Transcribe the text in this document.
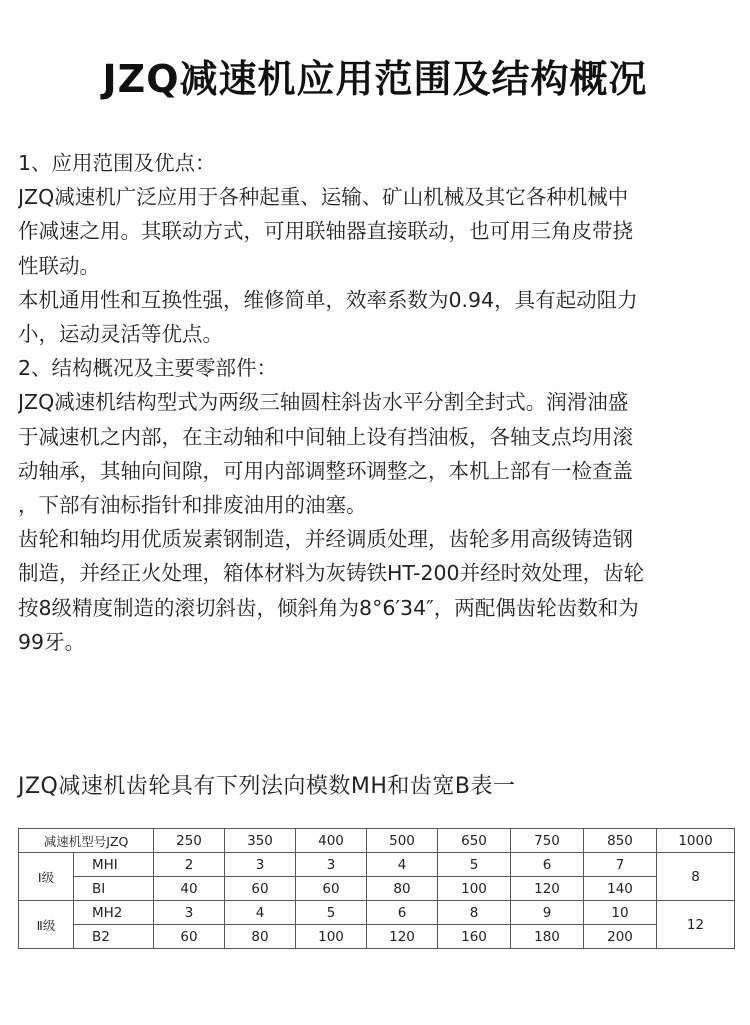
JZQ减速机应用范围及结构概况
1、应用范围及优点：
JZQ减速机广泛应用于各种起重、运输、矿山机械及其它各种机械中
作减速之用。其联动方式，可用联轴器直接联动，也可用三角皮带挠
性联动。
本机通用性和互换性强，维修简单，效率系数为0.94，具有起动阻力
小，运动灵活等优点。
2、结构概况及主要零部件：
JZQ减速机结构型式为两级三轴圆柱斜齿水平分割全封式。润滑油盛
于减速机之内部，在主动轴和中间轴上设有挡油板，各轴支点均用滚
动轴承，其轴向间隙，可用内部调整环调整之，本机上部有一检查盖
，下部有油标指针和排废油用的油塞。
齿轮和轴均用优质炭素钢制造，并经调质处理，齿轮多用高级铸造钢
制造，并经正火处理，箱体材料为灰铸铁HT-200并经时效处理，齿轮
按8级精度制造的滚切斜齿，倾斜角为8°6′34″，两配偶齿轮齿数和为
99牙。
JZQ减速机齿轮具有下列法向模数MH和齿宽B表一
减速机型号JZQ		250	350	400	500	650	750	850	1000
Ⅰ级	MHI	2	3	3	4	5	6	7	8
	BI	40	60	60	80	100	120	140	
Ⅱ级	MH2	3	4	5	6	8	9	10	12
	B2	60	80	100	120	160	180	200	
